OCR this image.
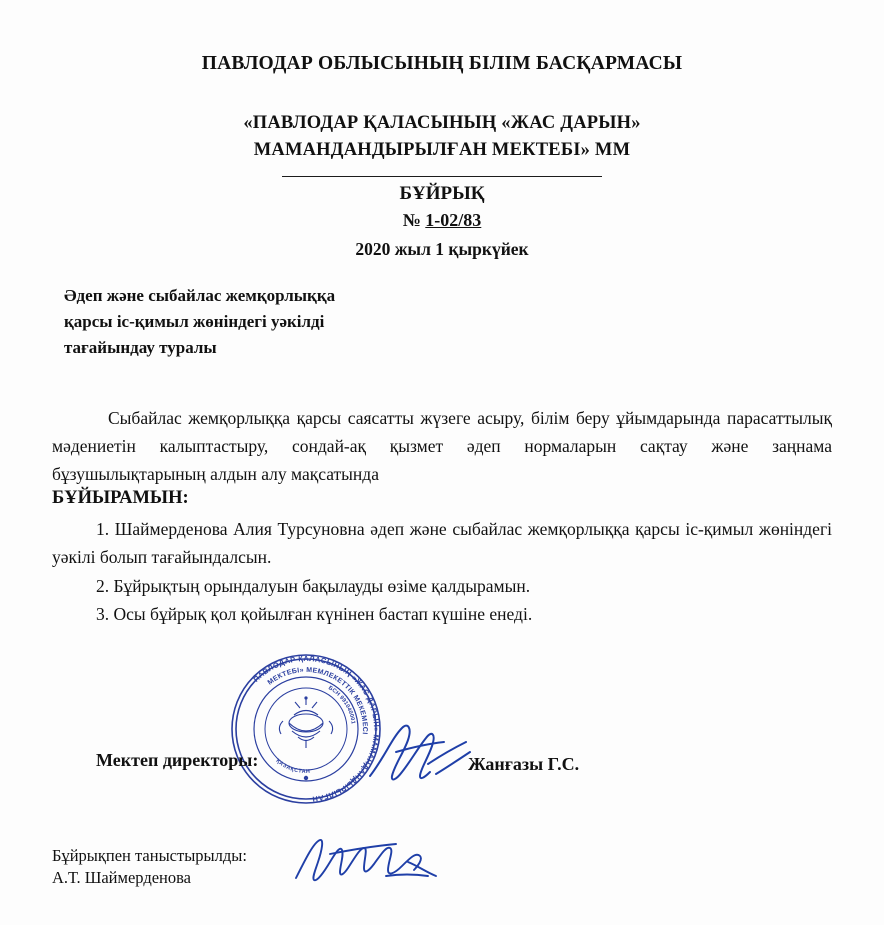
ПАВЛОДАР ОБЛЫСЫНЫҢ БІЛІМ БАСҚАРМАСЫ
«ПАВЛОДАР ҚАЛАСЫНЫҢ «ЖАС ДАРЫН»
МАМАНДАНДЫРЫЛҒАН МЕКТЕБІ» ММ
БҰЙРЫҚ
№ 1-02/83
2020 жыл 1 қыркүйек
Әдеп және сыбайлас жемқорлыққа
қарсы іс-қимыл жөніндегі уәкілді
тағайындау туралы
Сыбайлас жемқорлыққа қарсы саясатты жүзеге асыру, білім беру ұйымдарында парасаттылық мәдениетін калыптастыру, сондай-ақ қызмет әдеп нормаларын сақтау және заңнама бұзушылықтарының алдын алу мақсатында
БҰЙЫРАМЫН:
1. Шаймерденова Алия Турсуновна әдеп және сыбайлас жемқорлыққа қарсы іс-қимыл жөніндегі уәкілі болып тағайындалсын.
2. Бұйрықтың орындалуын бақылауды өзіме қалдырамын.
3. Осы бұйрық қол қойылған күнінен бастап күшіне енеді.
ПАВЛОДАР ҚАЛАСЫНЫҢ «ЖАС ДАРЫН» МАМАНДАНДЫРЫЛҒАН
МЕКТЕБІ» МЕМЛЕКЕТТІК МЕКЕМЕСІ
БСН 991040001
ҚАЗАҚСТАН
Мектеп директоры:	Жанғазы Г.С.
Бұйрықпен таныстырылды:
А.Т. Шаймерденова
